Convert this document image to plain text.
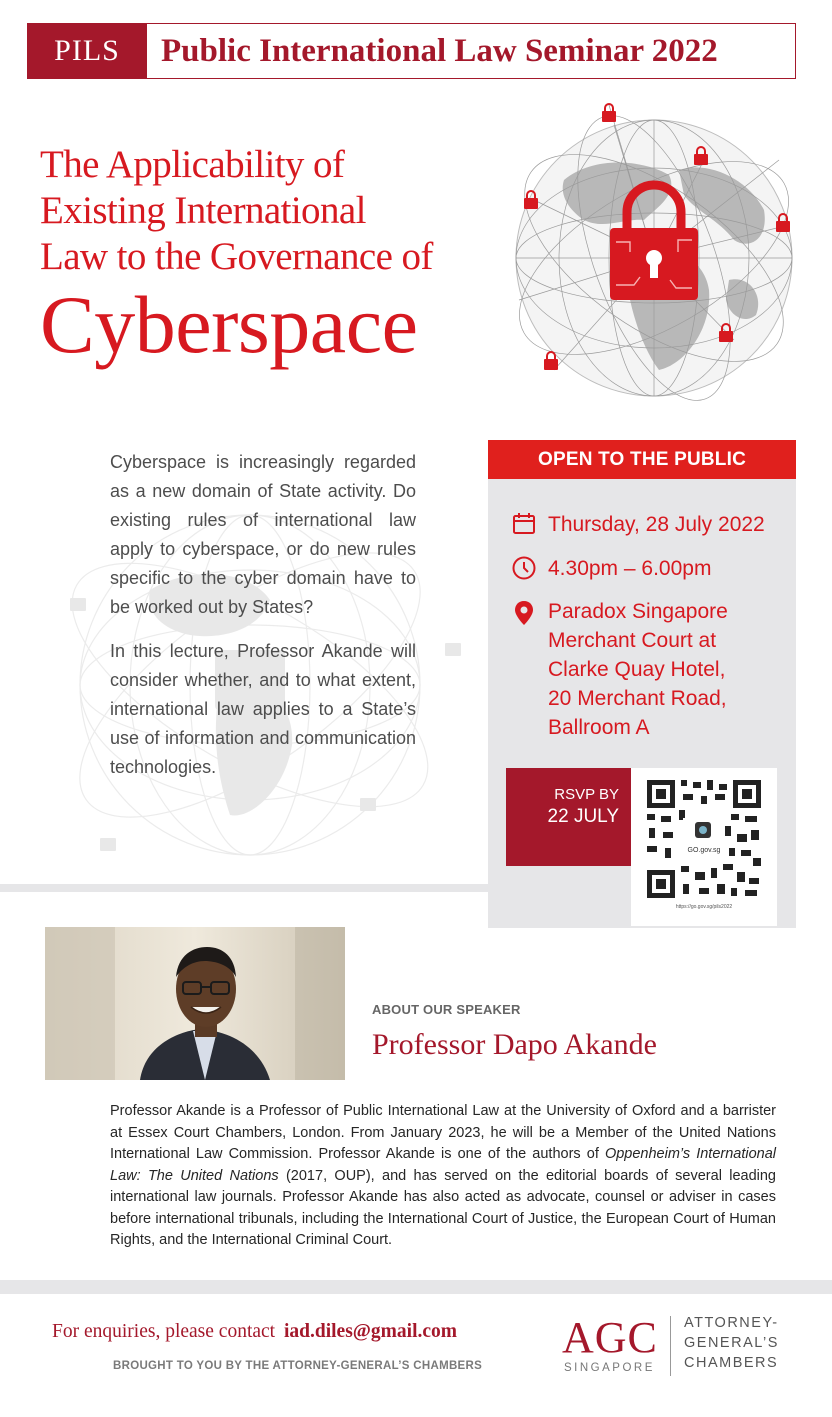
PILS	Public International Law Seminar 2022
The Applicability of
Existing International
Law to the Governance of
Cyberspace

Cyberspace is increasingly regarded as a new domain of State activity. Do existing rules of international law apply to cyberspace, or do new rules specific to the cyber domain have to be worked out by States?

In this lecture, Professor Akande will consider whether, and to what extent, international law applies to a State’s use of information and communication technologies.

OPEN TO THE PUBLIC
Thursday, 28 July 2022
4.30pm – 6.00pm
Paradox Singapore
Merchant Court at
Clarke Quay Hotel,
20 Merchant Road,
Ballroom A
RSVP BY
22 JULY
GO.gov.sg
https://go.gov.sg/pils2022
ABOUT OUR SPEAKER
Professor Dapo Akande
Professor Akande is a Professor of Public International Law at the University of Oxford and a barrister at Essex Court Chambers, London. From January 2023, he will be a Member of the United Nations International Law Commission. Professor Akande is one of the authors of Oppenheim’s International Law: The United Nations (2017, OUP), and has served on the editorial boards of several leading international law journals. Professor Akande has also acted as advocate, counsel or adviser in cases before international tribunals, including the International Court of Justice, the European Court of Human Rights, and the International Criminal Court.
For enquiries, please contact iad.diles@gmail.com
BROUGHT TO YOU BY THE ATTORNEY-GENERAL’S CHAMBERS
AGC
SINGAPORE
ATTORNEY-
GENERAL’S
CHAMBERS
